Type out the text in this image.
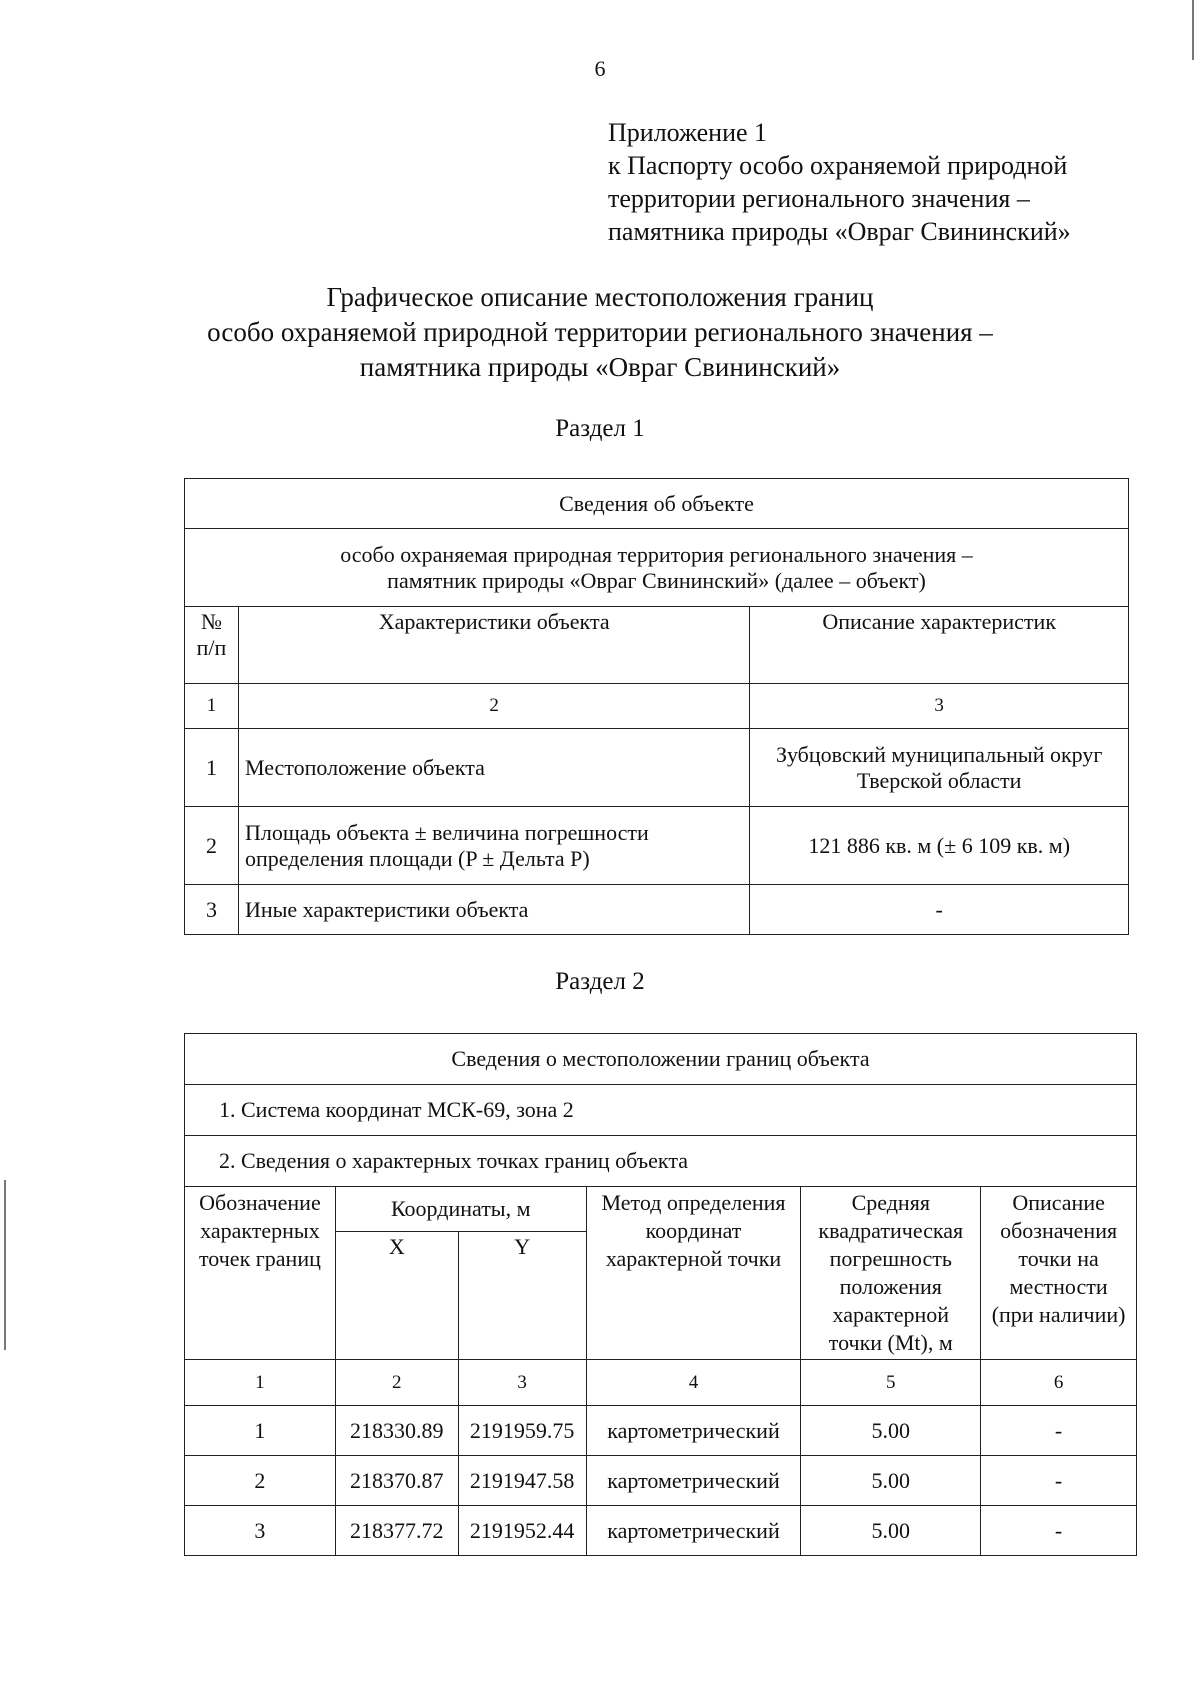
6
Приложение 1
к Паспорту особо охраняемой природной
территории регионального значения –
памятника природы «Овраг Свининский»
Графическое описание местоположения границ
особо охраняемой природной территории регионального значения –
памятника природы «Овраг Свининский»
Раздел 1
Сведения об объекте		

особо охраняемая природная территория регионального значения –
памятник природы «Овраг Свининский» (далее – объект)		

№ п/п	Характеристики объекта	Описание характеристик
1	2	3
1	Местоположение объекта	Зубцовский муниципальный округ Тверской области
2	Площадь объекта ± величина погрешности определения площади (P ± Дельта P)	121 886 кв. м (± 6 109 кв. м)
3	Иные характеристики объекта	-
Раздел 2
Сведения о местоположении границ объекта					
1. Система координат МСК-69, зона 2					
2. Сведения о характерных точках границ объекта					
Обозначение характерных точек границ	Координаты, м		Метод определения координат характерной точки	Средняя квадратическая погрешность положения характерной точки (Mt), м	Описание обозначения точки на местности (при наличии)
	X	Y			
1	2	3	4	5	6
1	218330.89	2191959.75	картометрический	5.00	-
2	218370.87	2191947.58	картометрический	5.00	-
3	218377.72	2191952.44	картометрический	5.00	-
